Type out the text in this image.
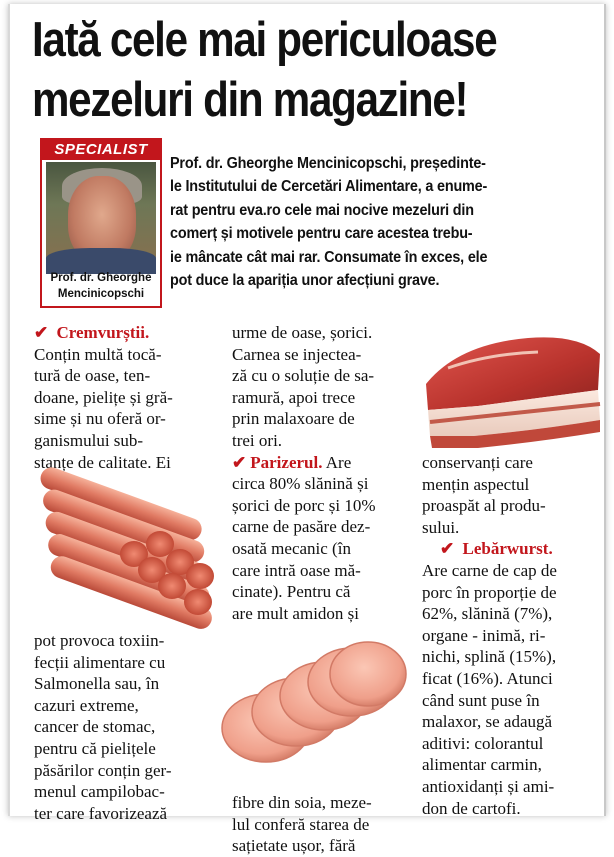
Iată cele mai periculoase
mezeluri din magazine!
SPECIALIST
Prof. dr. Gheorghe
Mencinicopschi
Prof. dr. Gheorghe Mencinicopschi, președinte-
le Institutului de Cercetări Alimentare, a enume-
rat pentru eva.ro cele mai nocive mezeluri din
comerț și motivele pentru care acestea trebu-
ie mâncate cât mai rar. Consumate în exces, ele
pot duce la apariția unor afecțiuni grave.
✔ Cremvurștii.
Conțin multă tocă-
tură de oase, ten-
doane, pielițe și gră-
sime și nu oferă or-
ganismului sub-
stanțe de calitate. Ei
pot provoca toxiin-
fecții alimentare cu
Salmonella sau, în
cazuri extreme,
cancer de stomac,
pentru că pielițele
păsărilor conțin ger-
menul campilobac-
ter care favorizează
urme de oase, șorici.
Carnea se injectea-
ză cu o soluție de sa-
ramură, apoi trece
prin malaxoare de
trei ori.
✔ Parizerul. Are
circa 80% slănină și
șorici de porc și 10%
carne de pasăre dez-
osată mecanic (în
care intră oase mă-
cinate). Pentru că
are mult amidon și
fibre din soia, meze-
lul conferă starea de
sațietate ușor, fără
conservanți care
mențin aspectul
proaspăt al produ-
sului.
✔ Lebărwurst.
Are carne de cap de
porc în proporție de
62%, slănină (7%),
organe - inimă, ri-
nichi, splină (15%),
ficat (16%). Atunci
când sunt puse în
malaxor, se adaugă
aditivi: colorantul
alimentar carmin,
antioxidanți și ami-
don de cartofi.
